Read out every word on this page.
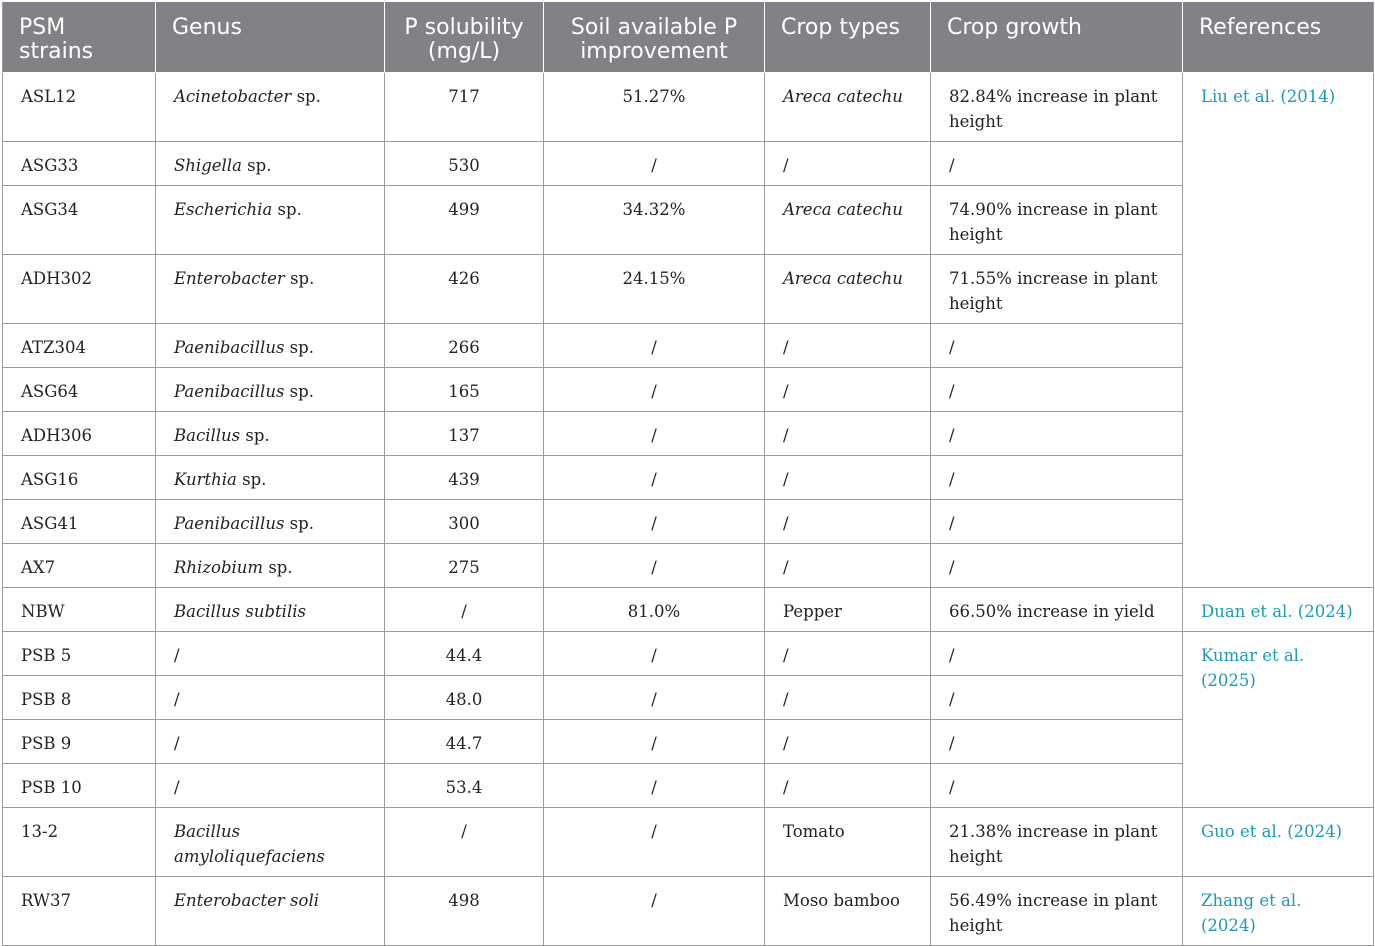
PSM strains	Genus	P solubility (mg/L)	Soil available P improvement	Crop types	Crop growth	References
ASL12	Acinetobacter sp.	717	51.27%	Areca catechu	82.84% increase in plant height	Liu et al. (2014)
ASG33	Shigella sp.	530	/	/	/	
ASG34	Escherichia sp.	499	34.32%	Areca catechu	74.90% increase in plant height	
ADH302	Enterobacter sp.	426	24.15%	Areca catechu	71.55% increase in plant height	
ATZ304	Paenibacillus sp.	266	/	/	/	
ASG64	Paenibacillus sp.	165	/	/	/	
ADH306	Bacillus sp.	137	/	/	/	
ASG16	Kurthia sp.	439	/	/	/	
ASG41	Paenibacillus sp.	300	/	/	/	
AX7	Rhizobium sp.	275	/	/	/	
NBW	Bacillus subtilis	/	81.0%	Pepper	66.50% increase in yield	Duan et al. (2024)
PSB 5	/	44.4	/	/	/	Kumar et al. (2025)
PSB 8	/	48.0	/	/	/	
PSB 9	/	44.7	/	/	/	
PSB 10	/	53.4	/	/	/	
13-2	Bacillus amyloliquefaciens	/	/	Tomato	21.38% increase in plant height	Guo et al. (2024)
RW37	Enterobacter soli	498	/	Moso bamboo	56.49% increase in plant height	Zhang et al. (2024)
